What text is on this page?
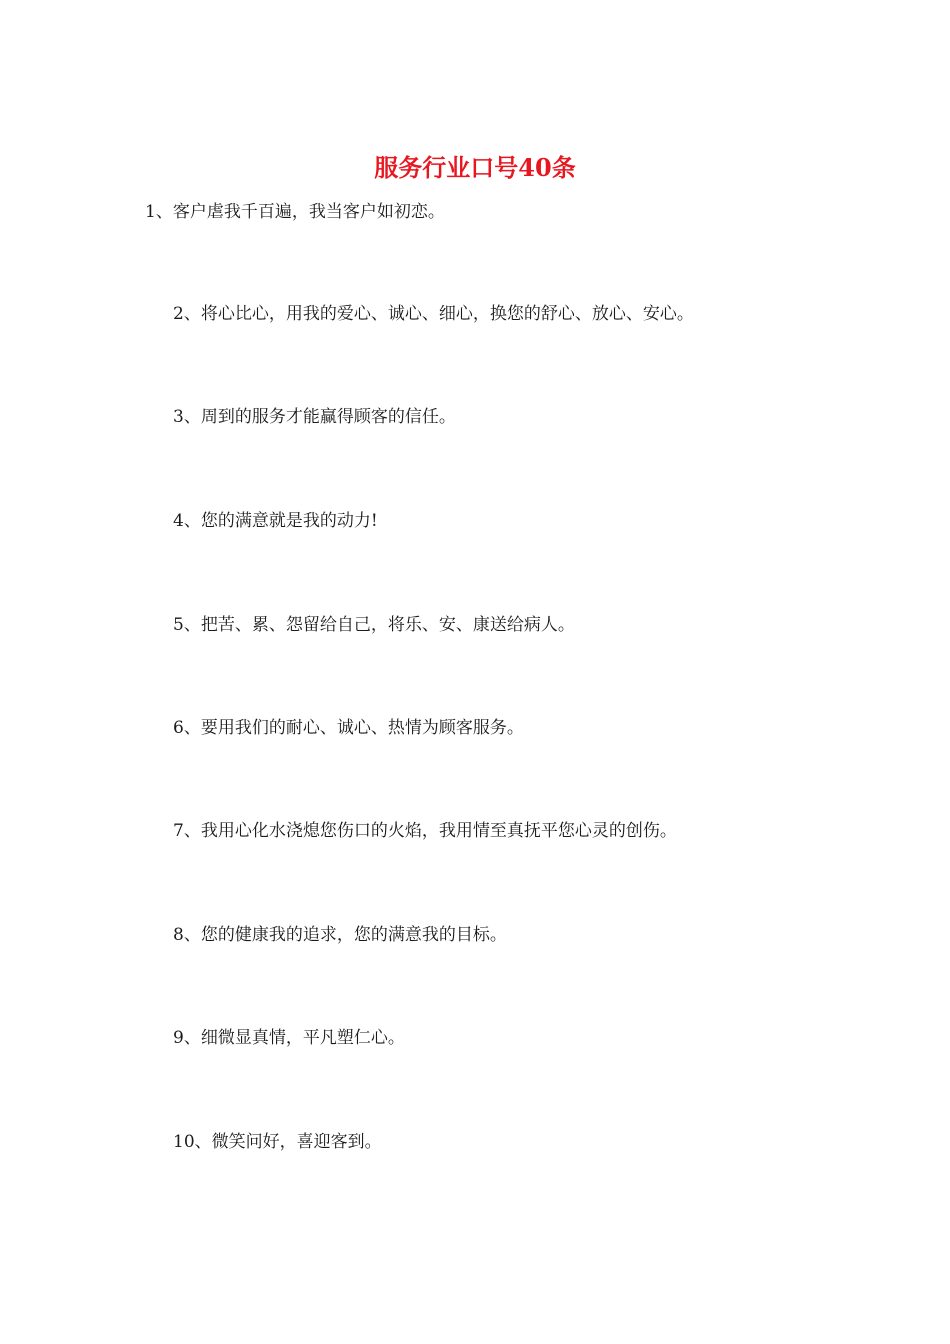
服务行业口号40条
1、客户虐我千百遍，我当客户如初恋。
2、将心比心，用我的爱心、诚心、细心，换您的舒心、放心、安心。
3、周到的服务才能赢得顾客的信任。
4、您的满意就是我的动力!
5、把苦、累、怨留给自己，将乐、安、康送给病人。
6、要用我们的耐心、诚心、热情为顾客服务。
7、我用心化水浇熄您伤口的火焰，我用情至真抚平您心灵的创伤。
8、您的健康我的追求，您的满意我的目标。
9、细微显真情，平凡塑仁心。
10、微笑问好，喜迎客到。
